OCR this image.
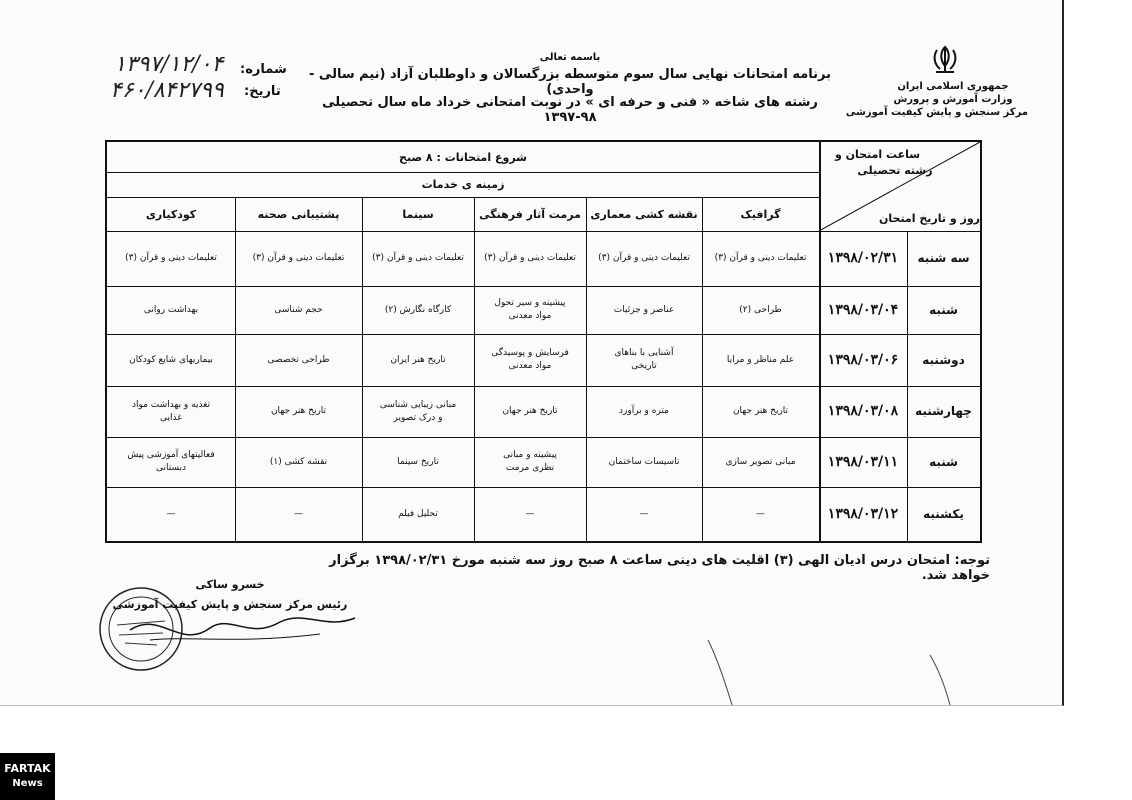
جمهوری اسلامی ایران
وزارت آموزش و پرورش
مرکز سنجش و پایش کیفیت آموزشی
باسمه تعالی
برنامه امتحانات نهایی سال سوم متوسطه بزرگسالان و داوطلبان آزاد (نیم سالی - واحدی)
رشته های شاخه « فنی و حرفه ای » در نوبت امتحانی خرداد ماه سال تحصیلی ۹۸-۱۳۹۷
شماره:
تاریخ:
۱۳۹۷/۱۲/۰۴
۴۶۰/۸۴۲۷۹۹
ساعت امتحان و
رشته تحصیلی
روز و تاریخ امتحان
شروع امتحانات : ۸ صبح
زمینه ی خدمات
گرافیک
نقشه کشی معماری
مرمت آثار فرهنگی
سینما
پشتیبانی صحنه
کودکیاری
سه شنبه
۱۳۹۸/۰۲/۳۱
تعلیمات دینی و قرآن (۳)
تعلیمات دینی و قرآن (۳)
تعلیمات دینی و قرآن (۳)
تعلیمات دینی و قرآن (۳)
تعلیمات دینی و قرآن (۳)
تعلیمات دینی و قرآن (۳)
شنبه
۱۳۹۸/۰۳/۰۴
طراحی (۲)
عناصر و جزئیات
پیشینه و سیر تحول مواد معدنی
کارگاه نگارش (۲)
حجم شناسی
بهداشت روانی
دوشنبه
۱۳۹۸/۰۳/۰۶
علم مناظر و مرایا
آشنایی با بناهای تاریخی
فرسایش و پوسیدگی مواد معدنی
تاریخ هنر ایران
طراحی تخصصی
بیماریهای شایع کودکان
چهارشنبه
۱۳۹۸/۰۳/۰۸
تاریخ هنر جهان
متره و برآورد
تاریخ هنر جهان
مبانی زیبایی شناسی و درک تصویر
تاریخ هنر جهان
تغذیه و بهداشت مواد غذایی
شنبه
۱۳۹۸/۰۳/۱۱
مبانی تصویر سازی
تاسیسات ساختمان
پیشینه و مبانی نظری مرمت
تاریخ سینما
نقشه کشی (۱)
فعالیتهای آموزشی پیش دبستانی
یکشنبه
۱۳۹۸/۰۳/۱۲
—
—
—
تحلیل فیلم
—
—
توجه: امتحان درس ادیان الهی (۳) اقلیت های دینی ساعت ۸ صبح روز سه شنبه مورخ ۱۳۹۸/۰۲/۳۱ برگزار خواهد شد.
خسرو ساکی
رئیس مرکز سنجش و پایش کیفیت آموزشی
FARTAK
News
